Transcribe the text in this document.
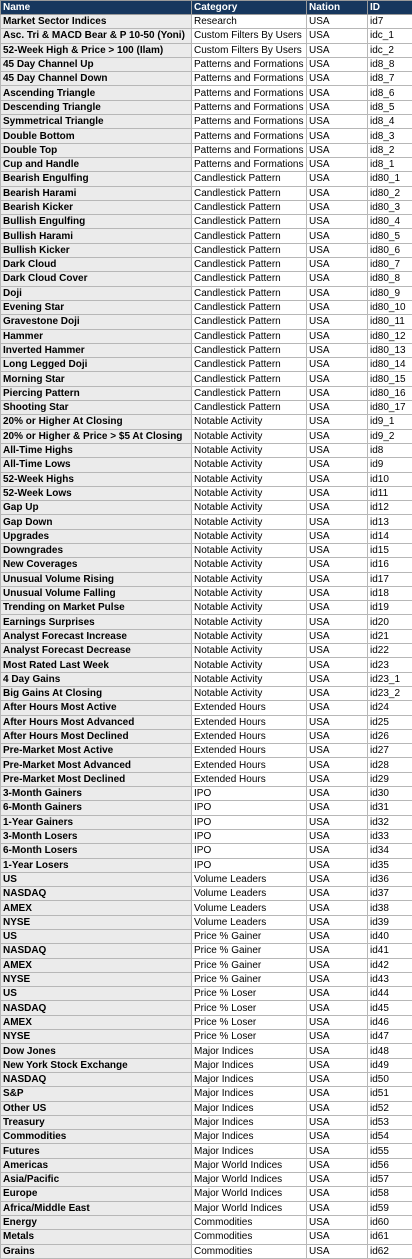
Name	Category	Nation	ID
Market Sector Indices	Research	USA	id7
Asc. Tri & MACD Bear & P 10-50 (Yoni)	Custom Filters By Users	USA	idc_1
52-Week High & Price > 100 (Ilam)	Custom Filters By Users	USA	idc_2
45 Day Channel Up	Patterns and Formations	USA	id8_8
45 Day Channel Down	Patterns and Formations	USA	id8_7
Ascending Triangle	Patterns and Formations	USA	id8_6
Descending Triangle	Patterns and Formations	USA	id8_5
Symmetrical Triangle	Patterns and Formations	USA	id8_4
Double Bottom	Patterns and Formations	USA	id8_3
Double Top	Patterns and Formations	USA	id8_2
Cup and Handle	Patterns and Formations	USA	id8_1
Bearish Engulfing	Candlestick Pattern	USA	id80_1
Bearish Harami	Candlestick Pattern	USA	id80_2
Bearish Kicker	Candlestick Pattern	USA	id80_3
Bullish Engulfing	Candlestick Pattern	USA	id80_4
Bullish Harami	Candlestick Pattern	USA	id80_5
Bullish Kicker	Candlestick Pattern	USA	id80_6
Dark Cloud	Candlestick Pattern	USA	id80_7
Dark Cloud Cover	Candlestick Pattern	USA	id80_8
Doji	Candlestick Pattern	USA	id80_9
Evening Star	Candlestick Pattern	USA	id80_10
Gravestone Doji	Candlestick Pattern	USA	id80_11
Hammer	Candlestick Pattern	USA	id80_12
Inverted Hammer	Candlestick Pattern	USA	id80_13
Long Legged Doji	Candlestick Pattern	USA	id80_14
Morning Star	Candlestick Pattern	USA	id80_15
Piercing Pattern	Candlestick Pattern	USA	id80_16
Shooting Star	Candlestick Pattern	USA	id80_17
20% or Higher At Closing	Notable Activity	USA	id9_1
20% or Higher & Price > $5 At Closing	Notable Activity	USA	id9_2
All-Time Highs	Notable Activity	USA	id8
All-Time Lows	Notable Activity	USA	id9
52-Week Highs	Notable Activity	USA	id10
52-Week Lows	Notable Activity	USA	id11
Gap Up	Notable Activity	USA	id12
Gap Down	Notable Activity	USA	id13
Upgrades	Notable Activity	USA	id14
Downgrades	Notable Activity	USA	id15
New Coverages	Notable Activity	USA	id16
Unusual Volume Rising	Notable Activity	USA	id17
Unusual Volume Falling	Notable Activity	USA	id18
Trending on Market Pulse	Notable Activity	USA	id19
Earnings Surprises	Notable Activity	USA	id20
Analyst Forecast Increase	Notable Activity	USA	id21
Analyst Forecast Decrease	Notable Activity	USA	id22
Most Rated Last Week	Notable Activity	USA	id23
4 Day Gains	Notable Activity	USA	id23_1
Big Gains At Closing	Notable Activity	USA	id23_2
After Hours Most Active	Extended Hours	USA	id24
After Hours Most Advanced	Extended Hours	USA	id25
After Hours Most Declined	Extended Hours	USA	id26
Pre-Market Most Active	Extended Hours	USA	id27
Pre-Market Most Advanced	Extended Hours	USA	id28
Pre-Market Most Declined	Extended Hours	USA	id29
3-Month Gainers	IPO	USA	id30
6-Month Gainers	IPO	USA	id31
1-Year Gainers	IPO	USA	id32
3-Month Losers	IPO	USA	id33
6-Month Losers	IPO	USA	id34
1-Year Losers	IPO	USA	id35
US	Volume Leaders	USA	id36
NASDAQ	Volume Leaders	USA	id37
AMEX	Volume Leaders	USA	id38
NYSE	Volume Leaders	USA	id39
US	Price % Gainer	USA	id40
NASDAQ	Price % Gainer	USA	id41
AMEX	Price % Gainer	USA	id42
NYSE	Price % Gainer	USA	id43
US	Price % Loser	USA	id44
NASDAQ	Price % Loser	USA	id45
AMEX	Price % Loser	USA	id46
NYSE	Price % Loser	USA	id47
Dow Jones	Major Indices	USA	id48
New York Stock Exchange	Major Indices	USA	id49
NASDAQ	Major Indices	USA	id50
S&P	Major Indices	USA	id51
Other US	Major Indices	USA	id52
Treasury	Major Indices	USA	id53
Commodities	Major Indices	USA	id54
Futures	Major Indices	USA	id55
Americas	Major World Indices	USA	id56
Asia/Pacific	Major World Indices	USA	id57
Europe	Major World Indices	USA	id58
Africa/Middle East	Major World Indices	USA	id59
Energy	Commodities	USA	id60
Metals	Commodities	USA	id61
Grains	Commodities	USA	id62
